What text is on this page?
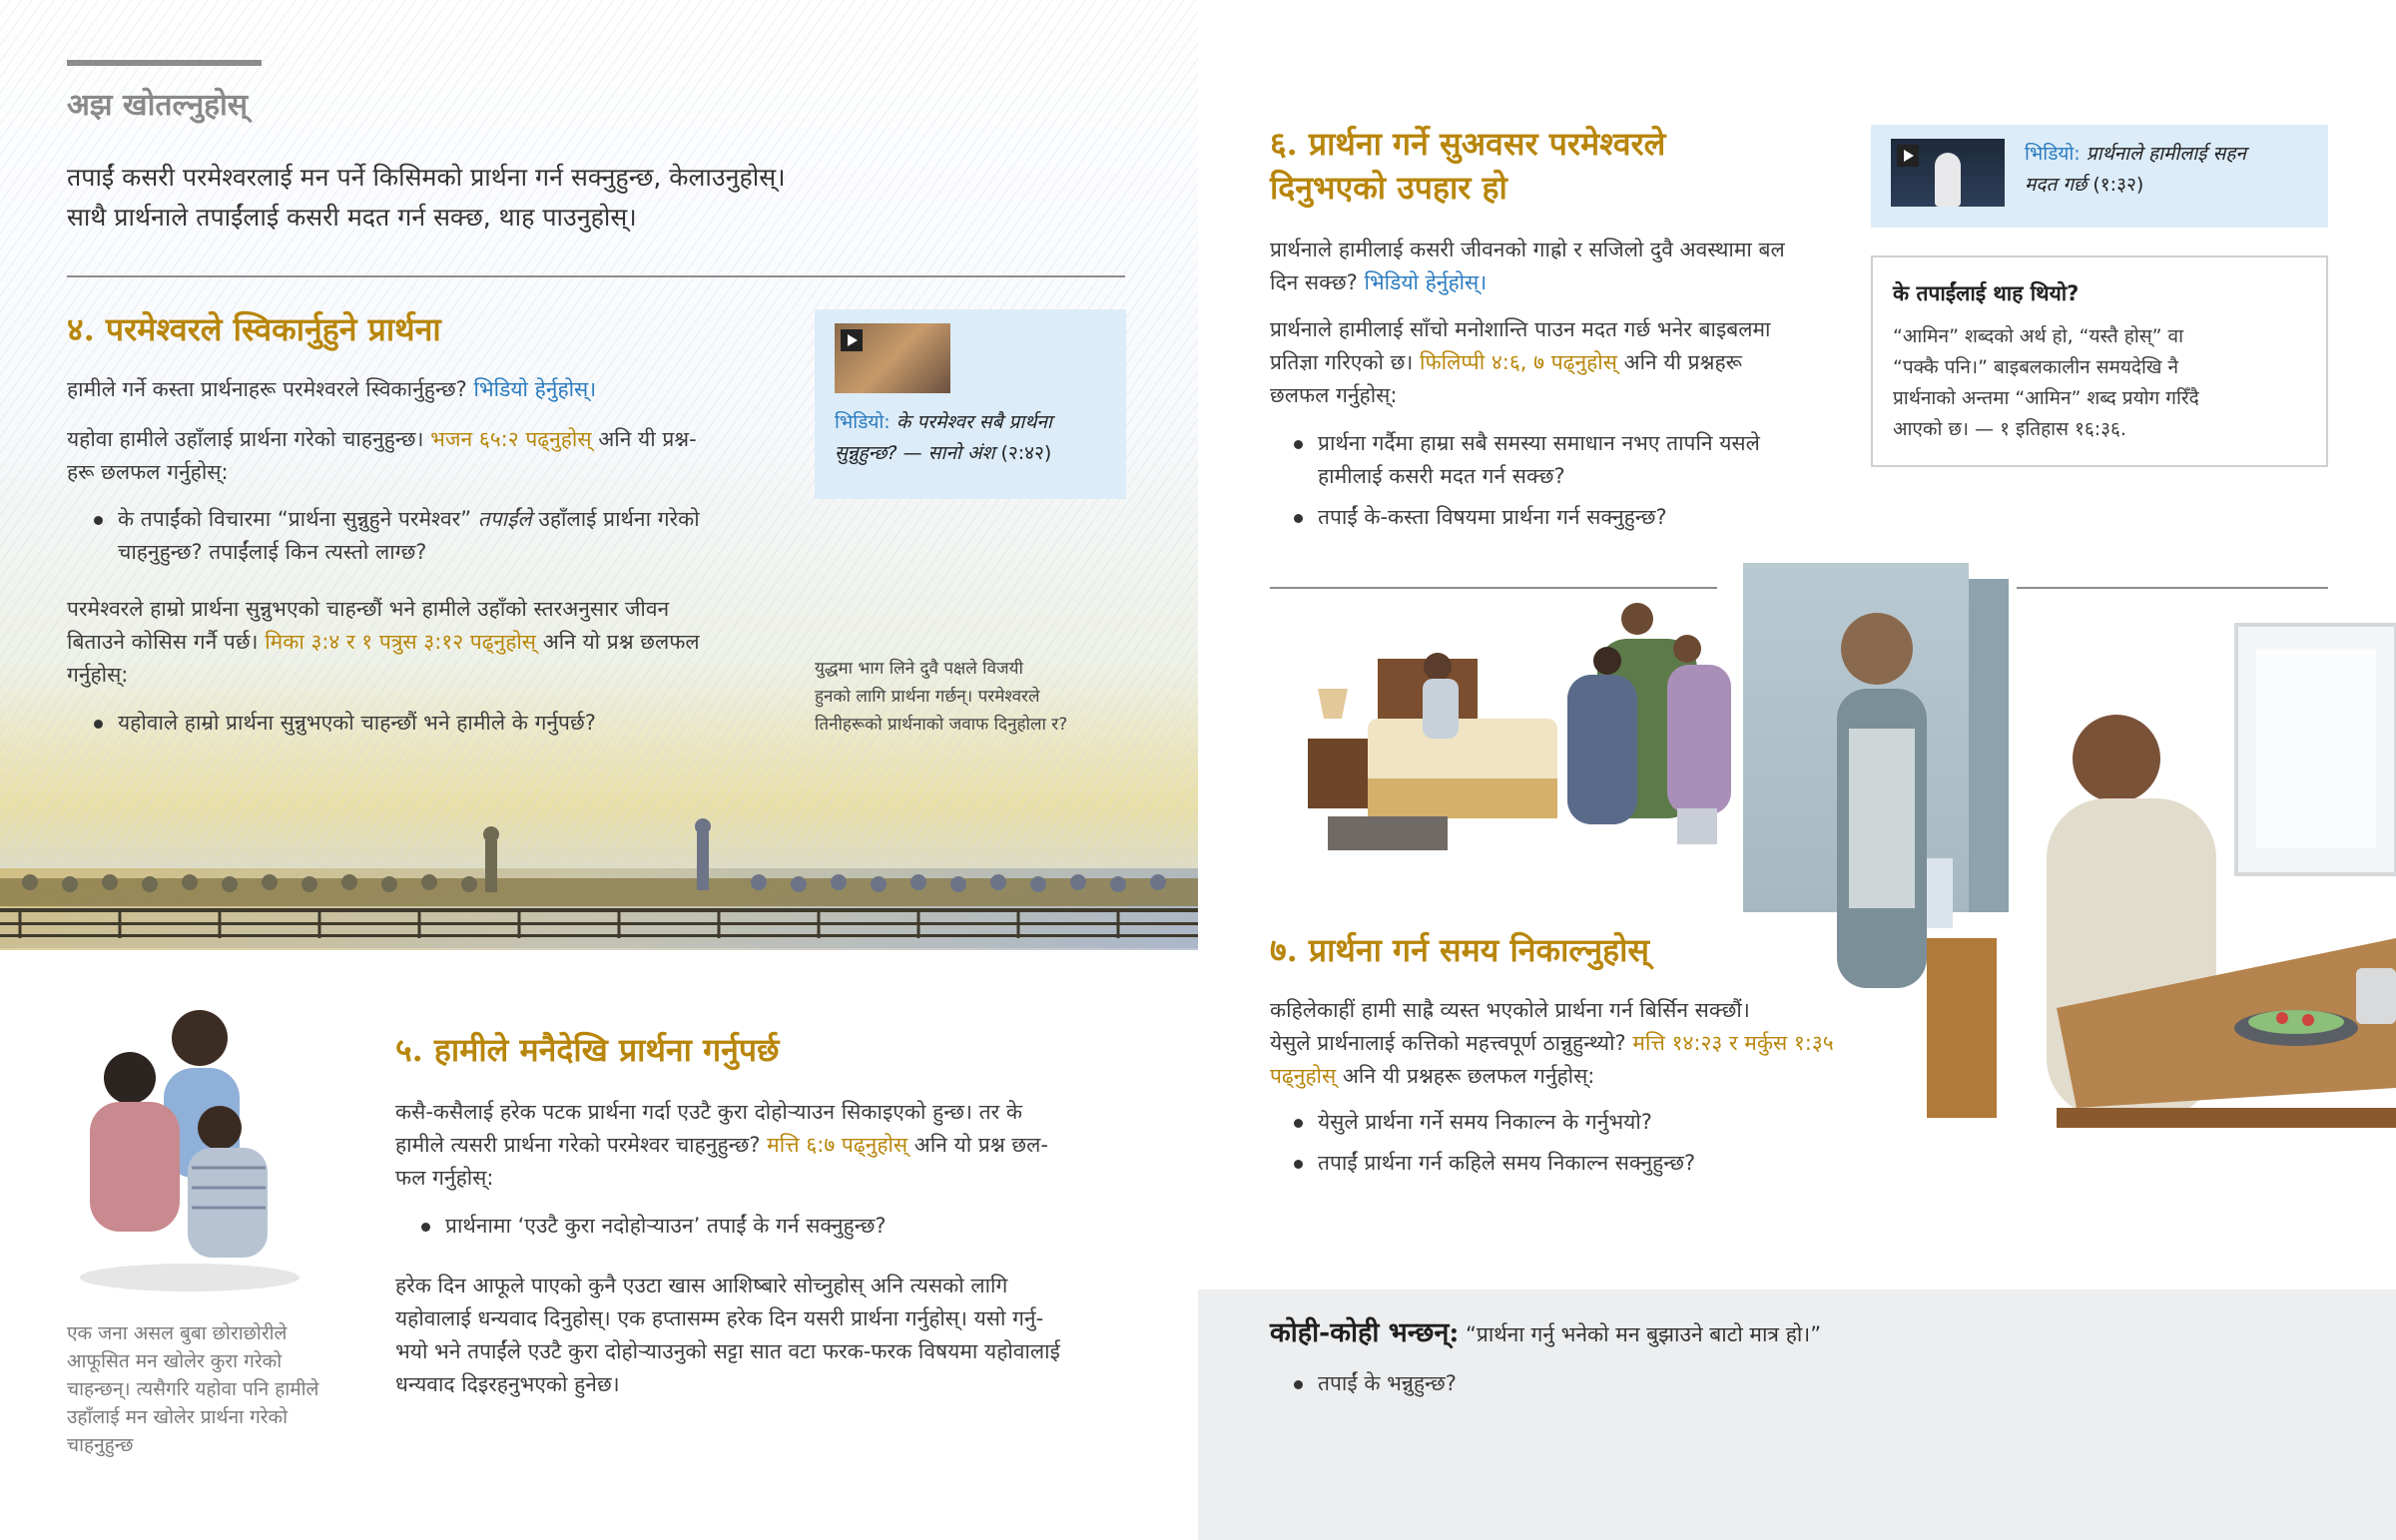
अझ खोतल्नुहोस्
तपाईं कसरी परमेश्वरलाई मन पर्ने किसिमको प्रार्थना गर्न सक्नुहुन्छ, केलाउनुहोस्।
साथै प्रार्थनाले तपाईंलाई कसरी मदत गर्न सक्छ, थाह पाउनुहोस्।
४. परमेश्वरले स्विकार्नुहुने प्रार्थना
हामीले गर्ने कस्ता प्रार्थनाहरू परमेश्वरले स्विकार्नुहुन्छ? भिडियो हेर्नुहोस्।
यहोवा हामीले उहाँलाई प्रार्थना गरेको चाहनुहुन्छ। भजन ६५:२ पढ्नुहोस् अनि यी प्रश्न-
हरू छलफल गर्नुहोस्:
के तपाईंको विचारमा “प्रार्थना सुन्नुहुने परमेश्वर” तपाईंले उहाँलाई प्रार्थना गरेको
चाहनुहुन्छ? तपाईंलाई किन त्यस्तो लाग्छ?
परमेश्वरले हाम्रो प्रार्थना सुन्नुभएको चाहन्छौं भने हामीले उहाँको स्तरअनुसार जीवन
बिताउने कोसिस गर्नै पर्छ। मिका ३:४ र १ पत्रुस ३:१२ पढ्नुहोस् अनि यो प्रश्न छलफल
गर्नुहोस्:
यहोवाले हाम्रो प्रार्थना सुन्नुभएको चाहन्छौं भने हामीले के गर्नुपर्छ?
भिडियो: के परमेश्वर सबै प्रार्थना
सुन्नुहुन्छ? — सानो अंश (२:४२)
युद्धमा भाग लिने दुवै पक्षले विजयी
हुनको लागि प्रार्थना गर्छन्। परमेश्वरले
तिनीहरूको प्रार्थनाको जवाफ दिनुहोला र?
एक जना असल बुबा छोराछोरीले
आफूसित मन खोलेर कुरा गरेको
चाहन्छन्। त्यसैगरि यहोवा पनि हामीले
उहाँलाई मन खोलेर प्रार्थना गरेको
चाहनुहुन्छ
५. हामीले मनैदेखि प्रार्थना गर्नुपर्छ
कसै-कसैलाई हरेक पटक प्रार्थना गर्दा एउटै कुरा दोहोऱ्याउन सिकाइएको हुन्छ। तर के
हामीले त्यसरी प्रार्थना गरेको परमेश्वर चाहनुहुन्छ? मत्ति ६:७ पढ्नुहोस् अनि यो प्रश्न छल-
फल गर्नुहोस्:
प्रार्थनामा ‘एउटै कुरा नदोहोऱ्याउन’ तपाईं के गर्न सक्नुहुन्छ?
हरेक दिन आफूले पाएको कुनै एउटा खास आशिष्बारे सोच्नुहोस् अनि त्यसको लागि
यहोवालाई धन्यवाद दिनुहोस्। एक हप्तासम्म हरेक दिन यसरी प्रार्थना गर्नुहोस्। यसो गर्नु-
भयो भने तपाईंले एउटै कुरा दोहोऱ्याउनुको सट्टा सात वटा फरक-फरक विषयमा यहोवालाई
धन्यवाद दिइरहनुभएको हुनेछ।
६. प्रार्थना गर्ने सुअवसर परमेश्वरले
दिनुभएको उपहार हो
प्रार्थनाले हामीलाई कसरी जीवनको गाह्रो र सजिलो दुवै अवस्थामा बल
दिन सक्छ? भिडियो हेर्नुहोस्।
प्रार्थनाले हामीलाई साँचो मनोशान्ति पाउन मदत गर्छ भनेर बाइबलमा
प्रतिज्ञा गरिएको छ। फिलिप्पी ४:६, ७ पढ्नुहोस् अनि यी प्रश्नहरू
छलफल गर्नुहोस्:
प्रार्थना गर्दैमा हाम्रा सबै समस्या समाधान नभए तापनि यसले
हामीलाई कसरी मदत गर्न सक्छ?
तपाईं के-कस्ता विषयमा प्रार्थना गर्न सक्नुहुन्छ?
भिडियो: प्रार्थनाले हामीलाई सहन
मदत गर्छ (१:३२)
के तपाईंलाई थाह थियो?
“आमिन” शब्दको अर्थ हो, “यस्तै होस्” वा
“पक्कै पनि।” बाइबलकालीन समयदेखि नै
प्रार्थनाको अन्तमा “आमिन” शब्द प्रयोग गरिँदै
आएको छ। — १ इतिहास १६:३६.
७. प्रार्थना गर्न समय निकाल्नुहोस्
कहिलेकाहीं हामी साह्रै व्यस्त भएकोले प्रार्थना गर्न बिर्सिन सक्छौं।
येसुले प्रार्थनालाई कत्तिको महत्त्वपूर्ण ठान्नुहुन्थ्यो? मत्ति १४:२३ र मर्कुस १:३५
पढ्नुहोस् अनि यी प्रश्नहरू छलफल गर्नुहोस्:
येसुले प्रार्थना गर्ने समय निकाल्न के गर्नुभयो?
तपाईं प्रार्थना गर्न कहिले समय निकाल्न सक्नुहुन्छ?
कोही-कोही भन्छन्: “प्रार्थना गर्नु भनेको मन बुझाउने बाटो मात्र हो।”
तपाईं के भन्नुहुन्छ?
